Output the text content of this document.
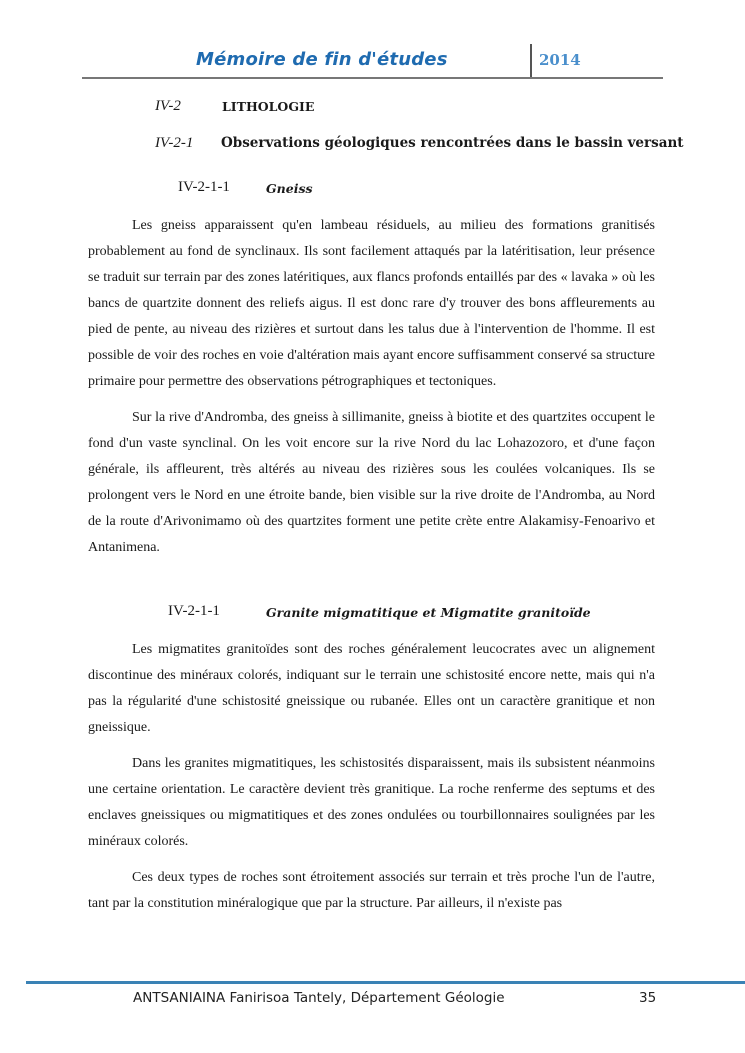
Mémoire de fin d'études	2014
IV-2	LITHOLOGIE
IV-2-1 Observations géologiques rencontrées dans le bassin versant
IV-2-1-1	Gneiss

Les gneiss apparaissent qu'en lambeau résiduels, au milieu des formations granitisés probablement au fond de synclinaux. Ils sont facilement attaqués par la latéritisation, leur présence se traduit sur terrain par des zones latéritiques, aux flancs profonds entaillés par des « lavaka » où les bancs de quartzite donnent des reliefs aigus. Il est donc rare d'y trouver des bons affleurements au pied de pente, au niveau des rizières et surtout dans les talus due à l'intervention de l'homme. Il est possible de voir des roches en voie d'altération mais ayant encore suffisamment conservé sa structure primaire pour permettre des observations pétrographiques et tectoniques.

Sur la rive d'Andromba, des gneiss à sillimanite, gneiss à biotite et des quartzites occupent le fond d'un vaste synclinal. On les voit encore sur la rive Nord du lac Lohazozoro, et d'une façon générale, ils affleurent, très altérés au niveau des rizières sous les coulées volcaniques. Ils se prolongent vers le Nord en une étroite bande, bien visible sur la rive droite de l'Andromba, au Nord de la route d'Arivonimamo où des quartzites forment une petite crète entre Alakamisy-Fenoarivo et Antanimena.

IV-2-1-1	Granite migmatitique et Migmatite granitoïde

Les migmatites granitoïdes sont des roches généralement leucocrates avec un alignement discontinue des minéraux colorés, indiquant sur le terrain une schistosité encore nette, mais qui n'a pas la régularité d'une schistosité gneissique ou rubanée. Elles ont un caractère granitique et non gneissique.

Dans les granites migmatitiques, les schistosités disparaissent, mais ils subsistent néanmoins une certaine orientation. Le caractère devient très granitique. La roche renferme des septums et des enclaves gneissiques ou migmatitiques et des zones ondulées ou tourbillonnaires soulignées par les minéraux colorés.

Ces deux types de roches sont étroitement associés sur terrain et très proche l'un de l'autre, tant par la constitution minéralogique que par la structure. Par ailleurs, il n'existe pas

ANTSANIAINA Fanirisoa Tantely, Département Géologie	35
